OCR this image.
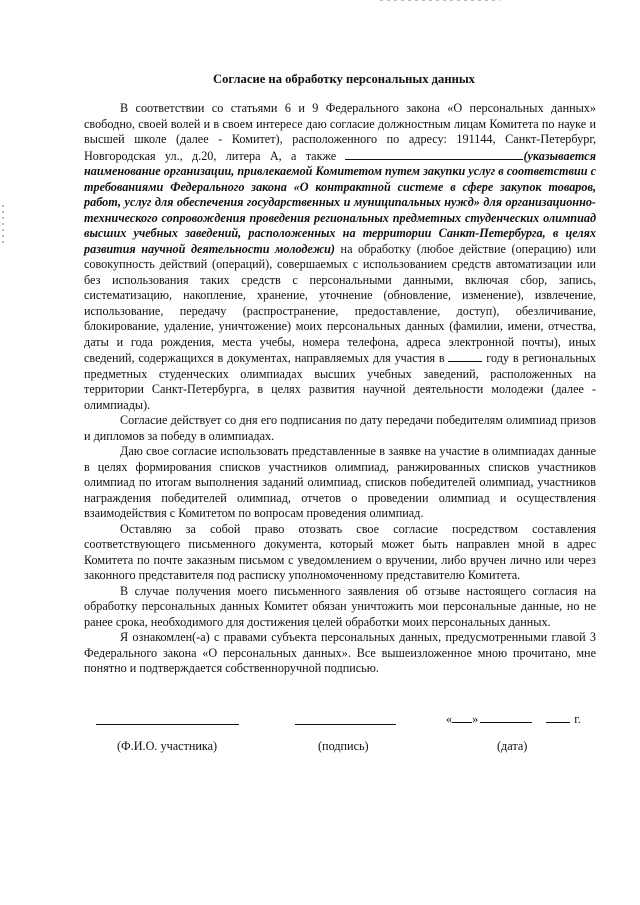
Согласие на обработку персональных данных

В соответствии со статьями 6 и 9 Федерального закона «О персональных данных» свободно, своей волей и в своем интересе даю согласие должностным лицам Комитета по науке и высшей школе (далее - Комитет), расположенного по адресу: 191144, Санкт-Петербург, Новгородская ул., д.20, литера А, а также	(указывается наименование организации, привлекаемой Комитетом путем закупки услуг в соответствии с требованиями Федерального закона «О контрактной системе в сфере закупок товаров, работ, услуг для обеспечения государственных и муниципальных нужд» для организационно-технического сопровождения проведения региональных предметных студенческих олимпиад высших учебных заведений, расположенных на территории Санкт-Петербурга, в целях развития научной деятельности молодежи) на обработку (любое действие (операцию) или совокупность действий (операций), совершаемых с использованием средств автоматизации или без использования таких средств с персональными данными, включая сбор, запись, систематизацию, накопление, хранение, уточнение (обновление, изменение), извлечение, использование, передачу (распространение, предоставление, доступ), обезличивание, блокирование, удаление, уничтожение) моих персональных данных (фамилии, имени, отчества, даты и года рождения, места учебы, номера телефона, адреса электронной почты), иных сведений, содержащихся в документах, направляемых для участия в	году в региональных предметных студенческих олимпиадах высших учебных заведений, расположенных на территории Санкт-Петербурга, в целях развития научной деятельности молодежи (далее - олимпиады).

Согласие действует со дня его подписания по дату передачи победителям олимпиад призов и дипломов за победу в олимпиадах.

Даю свое согласие использовать представленные в заявке на участие в олимпиадах данные в целях формирования списков участников олимпиад, ранжированных списков участников олимпиад по итогам выполнения заданий олимпиад, списков победителей олимпиад, участников награждения победителей олимпиад, отчетов о проведении олимпиад и осуществления взаимодействия с Комитетом по вопросам проведения олимпиад.

Оставляю за собой право отозвать свое согласие посредством составления соответствующего письменного документа, который может быть направлен мной в адрес Комитета по почте заказным письмом с уведомлением о вручении, либо вручен лично или через законного представителя под расписку уполномоченному представителю Комитета.

В случае получения моего письменного заявления об отзыве настоящего согласия на обработку персональных данных Комитет обязан уничтожить мои персональные данные, но не ранее срока, необходимого для достижения целей обработки моих персональных данных.

Я ознакомлен(-а) с правами субъекта персональных данных, предусмотренными главой 3 Федерального закона «О персональных данных». Все вышеизложенное мною прочитано, мне понятно и подтверждается собственноручной подписью.

« »	г.
(Ф.И.О. участника)	(подпись)	(дата)
